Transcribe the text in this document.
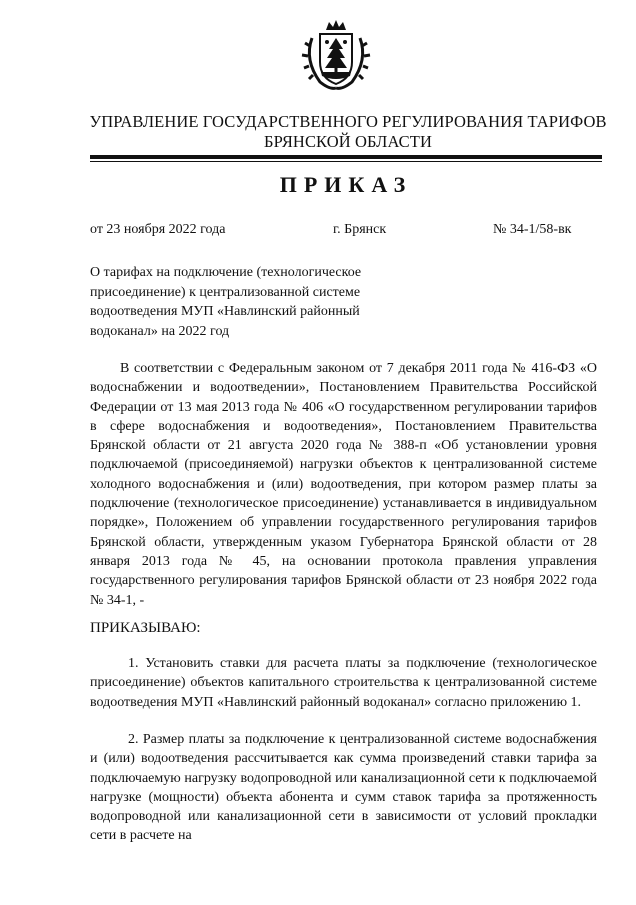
УПРАВЛЕНИЕ ГОСУДАРСТВЕННОГО РЕГУЛИРОВАНИЯ ТАРИФОВ
БРЯНСКОЙ ОБЛАСТИ
ПРИКАЗ
от 23 ноября 2022 года	г. Брянск	№ 34-1/58-вк
О тарифах на подключение (технологическое присоединение) к централизованной системе водоотведения МУП «Навлинский районный водоканал» на 2022 год
В соответствии с Федеральным законом от 7 декабря 2011 года № 416-ФЗ «О водоснабжении и водоотведении», Постановлением Правительства Российской Федерации от 13 мая 2013 года № 406 «О государственном регулировании тарифов в сфере водоснабжения и водоотведения», Постановлением Правительства Брянской области от 21 августа 2020 года № 388-п «Об установлении уровня подключаемой (присоединяемой) нагрузки объектов к централизованной системе холодного водоснабжения и (или) водоотведения, при котором размер платы за подключение (технологическое присоединение) устанавливается в индивидуальном порядке», Положением об управлении государственного регулирования тарифов Брянской области, утвержденным указом Губернатора Брянской области от 28 января 2013 года № 45, на основании протокола правления управления государственного регулирования тарифов Брянской области от 23 ноября 2022 года № 34-1, -
ПРИКАЗЫВАЮ:
1. Установить ставки для расчета платы за подключение (технологическое присоединение) объектов капитального строительства к централизованной системе водоотведения МУП «Навлинский районный водоканал» согласно приложению 1.
2. Размер платы за подключение к централизованной системе водоснабжения и (или) водоотведения рассчитывается как сумма произведений ставки тарифа за подключаемую нагрузку водопроводной или канализационной сети к подключаемой нагрузке (мощности) объекта абонента и сумм ставок тарифа за протяженность водопроводной или канализационной сети в зависимости от условий прокладки сети в расчете на
